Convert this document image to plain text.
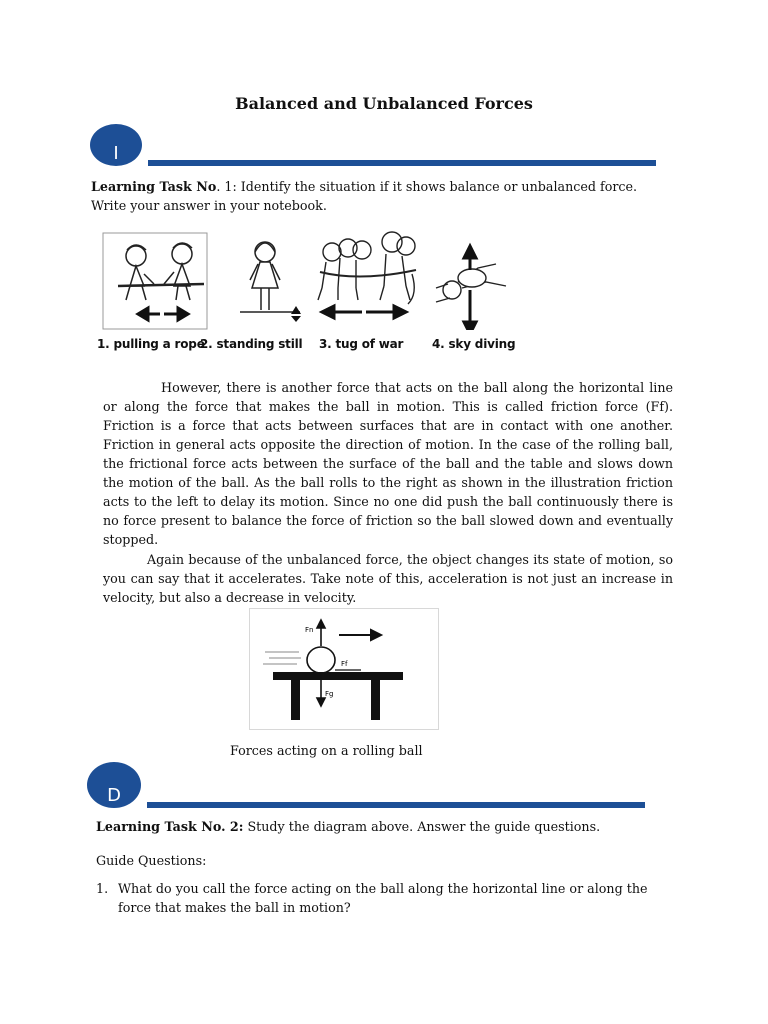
Balanced and Unbalanced Forces
I
Learning Task No. 1: Identify the situation if it shows balance or unbalanced force. Write your answer in your notebook.
1. pulling a rope
2. standing still 3. tug of war 4. sky diving
However, there is another force that acts on the ball along the horizontal line or along the force that makes the ball in motion. This is called friction force (Ff). Friction is a force that acts between surfaces that are in contact with one another. Friction in general acts opposite the direction of motion. In the case of the rolling ball, the frictional force acts between the surface of the ball and the table and slows down the motion of the ball. As the ball rolls to the right as shown in the illustration friction acts to the left to delay its motion. Since no one did push the ball continuously there is no force present to balance the force of friction so the ball slowed down and eventually stopped.
Again because of the unbalanced force, the object changes its state of motion, so you can say that it accelerates. Take note of this, acceleration is not just an increase in velocity, but also a decrease in velocity.
Fn
Ff
Fg
Forces acting on a rolling ball
D
Learning Task No. 2: Study the diagram above. Answer the guide questions.
Guide Questions:
1. What do you call the force acting on the ball along the horizontal line or along the force that makes the ball in motion?
